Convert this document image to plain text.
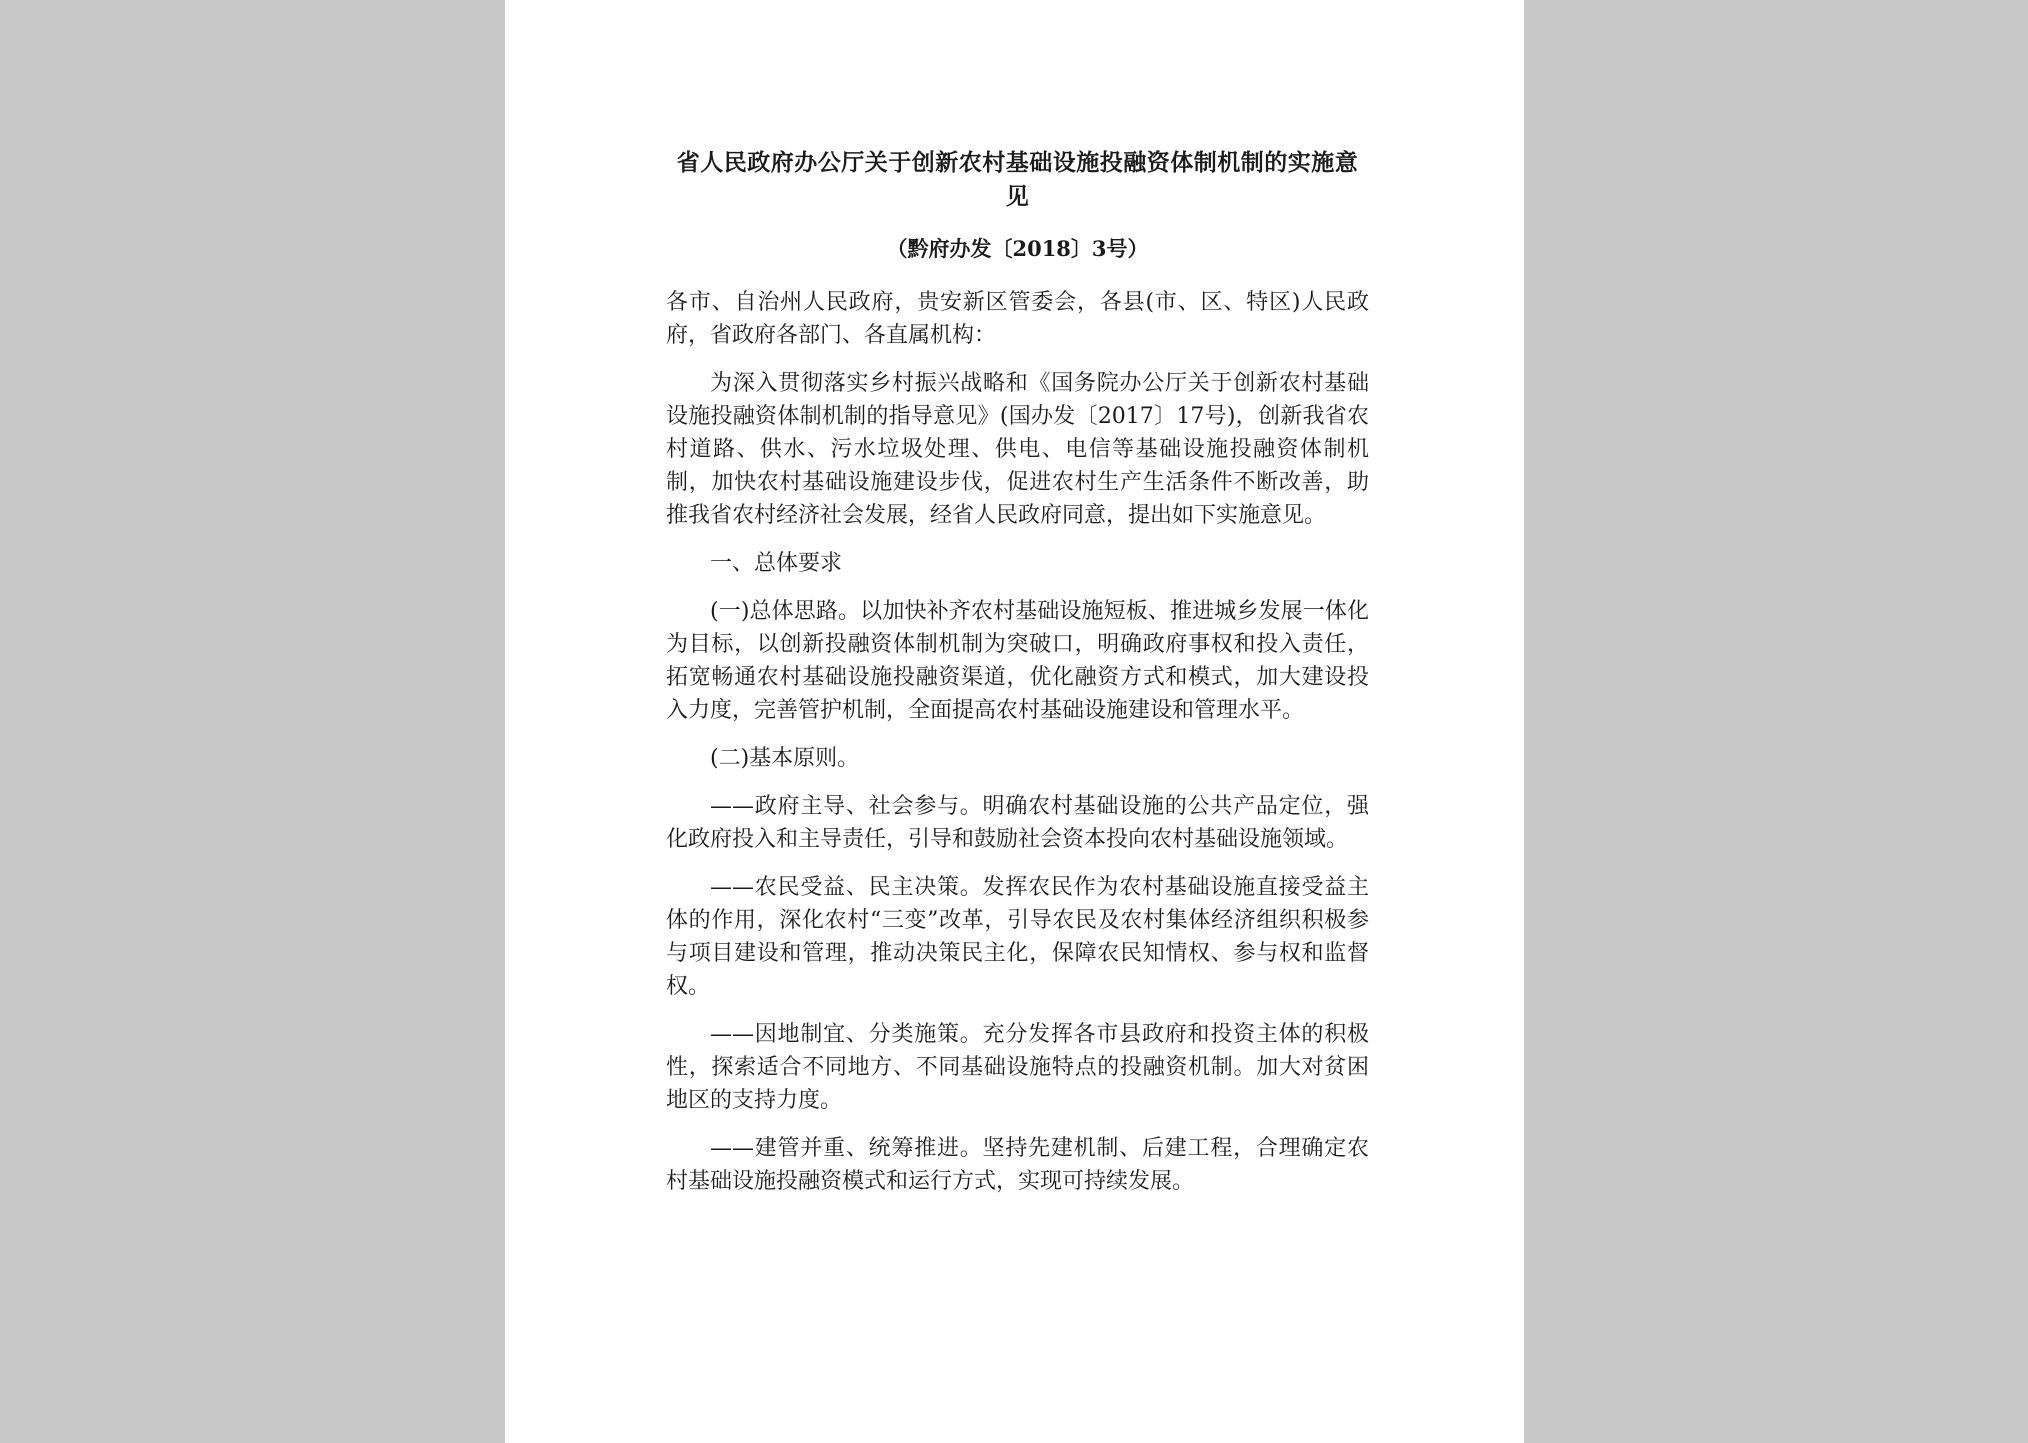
省人民政府办公厅关于创新农村基础设施投融资体制机制的实施意见
（黔府办发〔2018〕3号）
各市、自治州人民政府，贵安新区管委会，各县(市、区、特区)人民政府，省政府各部门、各直属机构：
为深入贯彻落实乡村振兴战略和《国务院办公厅关于创新农村基础设施投融资体制机制的指导意见》(国办发〔2017〕17号)，创新我省农村道路、供水、污水垃圾处理、供电、电信等基础设施投融资体制机制，加快农村基础设施建设步伐，促进农村生产生活条件不断改善，助推我省农村经济社会发展，经省人民政府同意，提出如下实施意见。
一、总体要求
(一)总体思路。以加快补齐农村基础设施短板、推进城乡发展一体化为目标，以创新投融资体制机制为突破口，明确政府事权和投入责任，拓宽畅通农村基础设施投融资渠道，优化融资方式和模式，加大建设投入力度，完善管护机制，全面提高农村基础设施建设和管理水平。
(二)基本原则。
——政府主导、社会参与。明确农村基础设施的公共产品定位，强化政府投入和主导责任，引导和鼓励社会资本投向农村基础设施领域。
——农民受益、民主决策。发挥农民作为农村基础设施直接受益主体的作用，深化农村“三变”改革，引导农民及农村集体经济组织积极参与项目建设和管理，推动决策民主化，保障农民知情权、参与权和监督权。
——因地制宜、分类施策。充分发挥各市县政府和投资主体的积极性，探索适合不同地方、不同基础设施特点的投融资机制。加大对贫困地区的支持力度。
——建管并重、统筹推进。坚持先建机制、后建工程，合理确定农村基础设施投融资模式和运行方式，实现可持续发展。
